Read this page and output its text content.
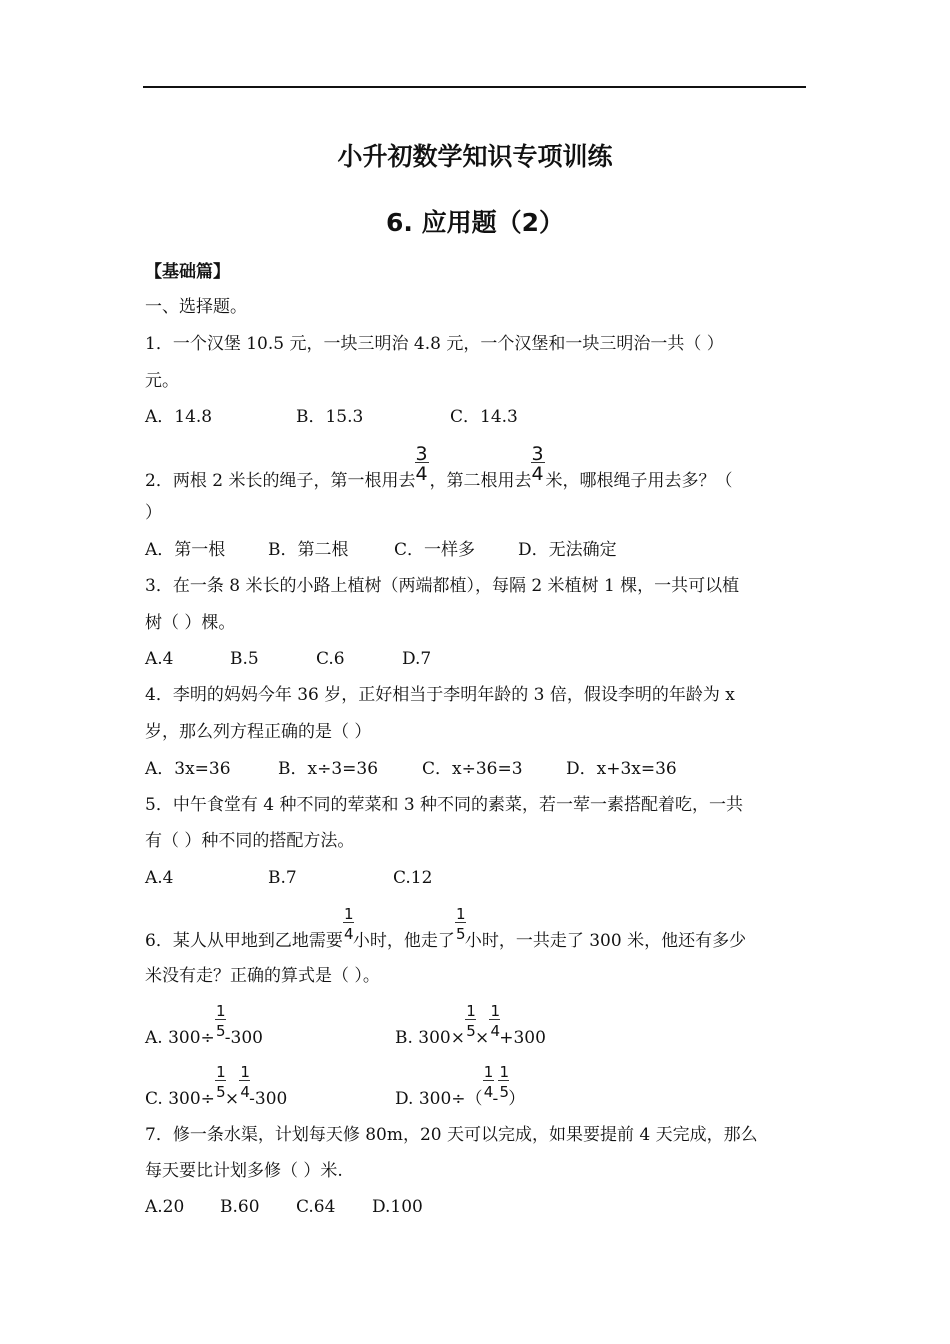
小升初数学知识专项训练
6. 应用题（2）
【基础篇】
一、选择题。
1．一个汉堡 10.5 元，一块三明治 4.8 元，一个汉堡和一块三明治一共（ ）
元。
A．14.8	B．15.3	C．14.3
2．两根 2 米长的绳子，第一根用去 $\frac{3}{4}$ ，第二根用去 $\frac{3}{4}$ 米，哪根绳子用去多？（
）
A．第一根	B．第二根	C．一样多	D．无法确定
3．在一条 8 米长的小路上植树（两端都植），每隔 2 米植树 1 棵，一共可以植
树（ ）棵。
A.4	B.5	C.6	D.7
4．李明的妈妈今年 36 岁，正好相当于李明年龄的 3 倍，假设李明的年龄为 x
岁，那么列方程正确的是（ ）
A．3x=36	B．x÷3=36	C．x÷36=3	D．x+3x=36
5．中午食堂有 4 种不同的荤菜和 3 种不同的素菜，若一荤一素搭配着吃，一共
有（ ）种不同的搭配方法。
A.4	B.7	C.12
6．某人从甲地到乙地需要 $\frac{1}{4}$ 小时，他走了 $\frac{1}{5}$ 小时，一共走了 300 米，他还有多少
米没有走？正确的算式是（ ）。
A. $300\div \frac{1}{5} -300$	B. $300\times \frac{1}{5} \times \frac{1}{4} +300$
C. $300\div \frac{1}{5} \times \frac{1}{4} -300$	D. $300\div( \frac{1}{4} - \frac{1}{5}$ ）
7．修一条水渠，计划每天修 80m，20 天可以完成，如果要提前 4 天完成，那么
每天要比计划多修（ ）米.
A.20 B.60 C.64 D.100
